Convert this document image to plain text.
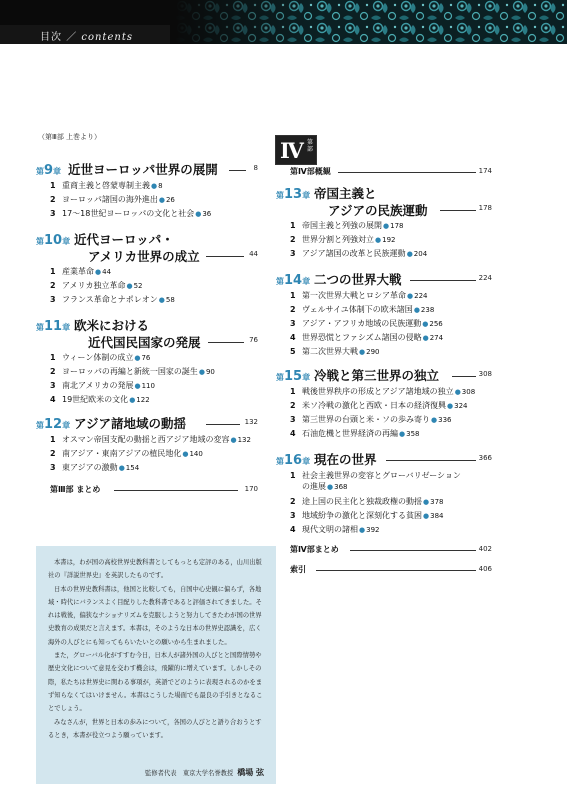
目次 ／ contents
（第Ⅲ部 上巻より）
第9章 近世ヨーロッパ世界の展開	8
1 重商主義と啓蒙専制主義●8
2 ヨーロッパ諸国の海外進出●26
3 17～18世紀ヨーロッパの文化と社会●36
第10章 近代ヨーロッパ・
アメリカ世界の成立	44
1 産業革命●44
2 アメリカ独立革命●52
3 フランス革命とナポレオン●58
第11章 欧米における
近代国民国家の発展	76
1 ウィーン体制の成立●76
2 ヨーロッパの再編と新統一国家の誕生●90
3 南北アメリカの発展●110
4 19世紀欧米の文化●122
第12章 アジア諸地域の動揺	132
1 オスマン帝国支配の動揺と西アジア地域の変容●132
2 南アジア・東南アジアの植民地化●140
3 東アジアの激動●154
第Ⅲ部 まとめ	170

本書は，わが国の高校世界史教科書としてもっとも定評のある，山川出版社の『詳説世界史』を英訳したものです。

日本の世界史教科書は，他国と比較しても，自国中心史観に偏らず，各地域・時代にバランスよく目配りした教科書であると評価されてきました。それは戦後，偏狭なナショナリズムを克服しようと努力してきたわが国の世界史教育の成果だと言えます。本書は，そのような日本の世界史認識を，広く海外の人びとにも知ってもらいたいとの願いから生まれました。

また，グローバル化がすすむ今日，日本人が諸外国の人びとと国際情勢や歴史文化について意見を交わす機会は，飛躍的に増えています。しかしその際，私たちは世界史に関わる事項が，英語でどのように表現されるのかをまず知らなくてはいけません。本書はこうした場面でも最良の手引きとなることでしょう。

みなさんが，世界と日本の歩みについて，各国の人びとと語り合おうとするとき，本書が役立つよう願っています。

監修者代表　東京大学名誉教授 橋場 弦
Ⅳ 第部
第Ⅳ部概観	174
第13章 帝国主義と
アジアの民族運動	178
1 帝国主義と列強の展開●178
2 世界分割と列強対立●192
3 アジア諸国の改革と民族運動●204
第14章 二つの世界大戦	224
1 第一次世界大戦とロシア革命●224
2 ヴェルサイユ体制下の欧米諸国●238
3 アジア・アフリカ地域の民族運動●256
4 世界恐慌とファシズム諸国の侵略●274
5 第二次世界大戦●290
第15章 冷戦と第三世界の独立	308
1 戦後世界秩序の形成とアジア諸地域の独立●308
2 米ソ冷戦の激化と西欧・日本の経済復興●324
3 第三世界の台頭と米・ソの歩み寄り●336
4 石油危機と世界経済の再編●358
第16章 現在の世界	366
1 社会主義世界の変容とグローバリゼーション
の進展●368
2 途上国の民主化と独裁政権の動揺●378
3 地域紛争の激化と深刻化する貧困●384
4 現代文明の諸相●392
第Ⅳ部まとめ	402
索引	406
